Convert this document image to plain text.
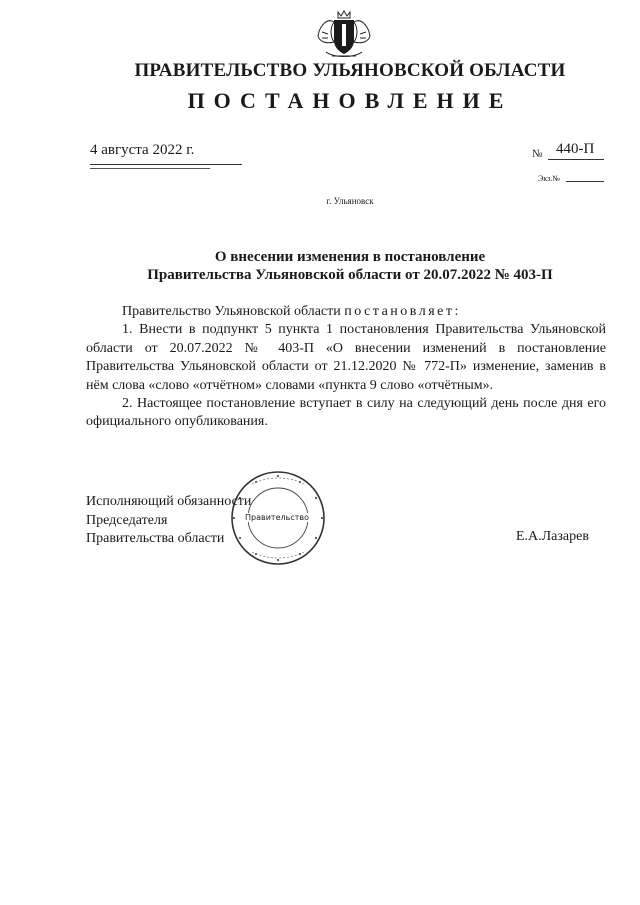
ПРАВИТЕЛЬСТВО УЛЬЯНОВСКОЙ ОБЛАСТИ
ПОСТАНОВЛЕНИЕ
4 августа 2022 г.	№ 440-П
Экз.№
г. Ульяновск
О внесении изменения в постановление
Правительства Ульяновской области от 20.07.2022 № 403-П

Правительство Ульяновской области постановляет:

1. Внести в подпункт 5 пункта 1 постановления Правительства Ульяновской области от 20.07.2022 № 403-П «О внесении изменений в постановление Правительства Ульяновской области от 21.12.2020 № 772-П» изменение, заменив в нём слова «слово «отчётном» словами «пункта 9 слово «отчётным».

2. Настоящее постановление вступает в силу на следующий день после дня его официального опубликования.

Правительство
Исполняющий обязанности
Председателя
Правительства области	Е.А.Лазарев
